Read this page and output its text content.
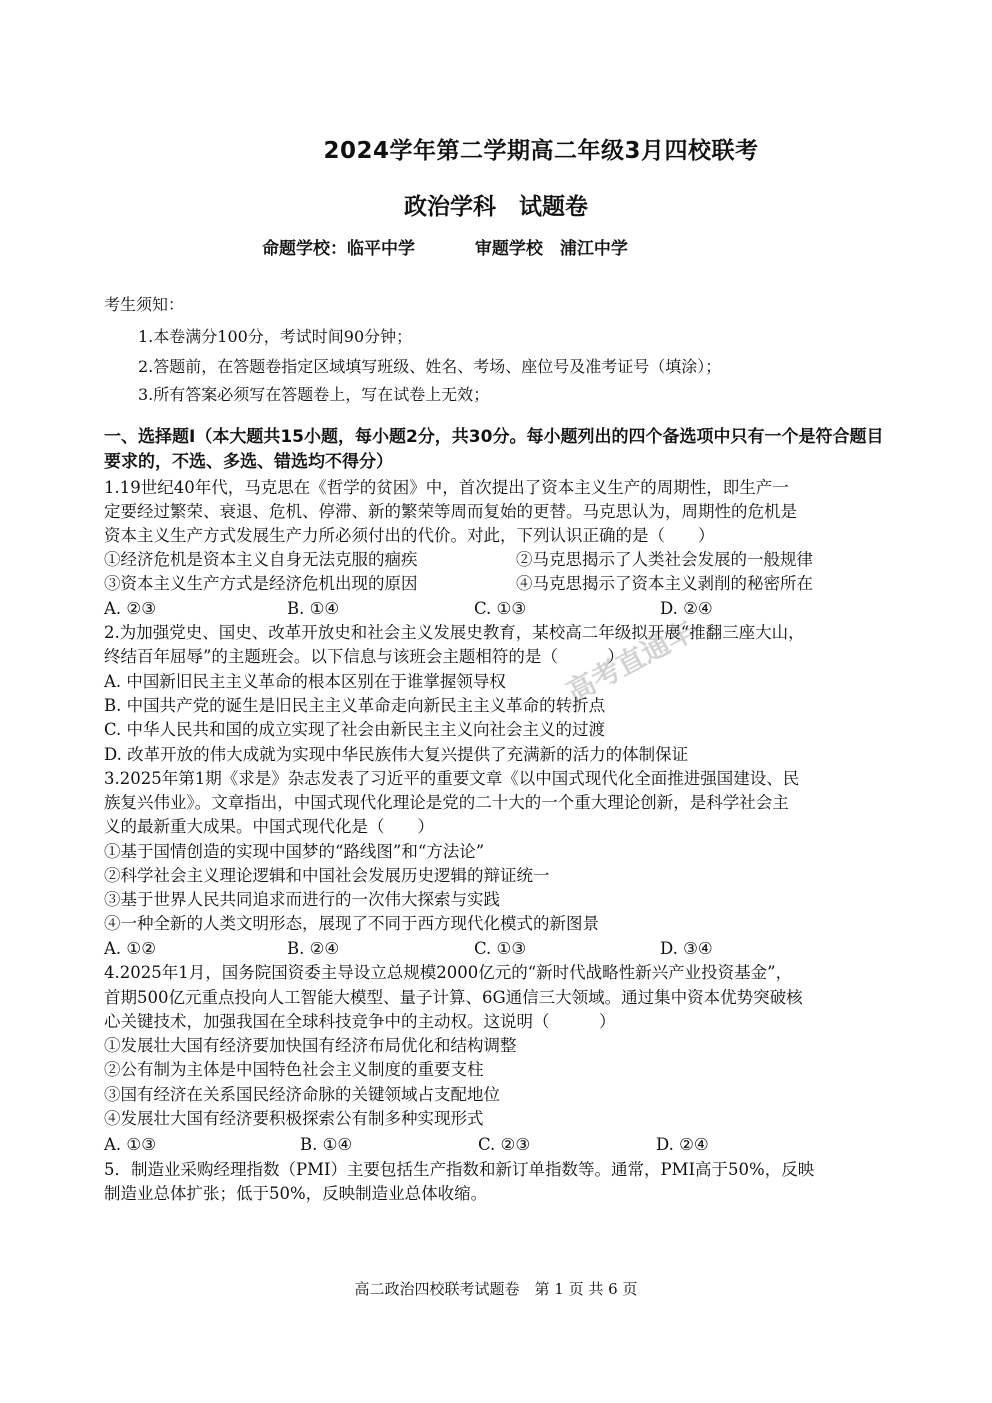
2024学年第二学期高二年级3月四校联考
政治学科　试题卷
命题学校：临平中学	审题学校　浦江中学
考生须知：
1.本卷满分100分，考试时间90分钟；
2.答题前，在答题卷指定区域填写班级、姓名、考场、座位号及准考证号（填涂）；
3.所有答案必须写在答题卷上，写在试卷上无效；
一、选择题Ⅰ（本大题共15小题，每小题2分，共30分。每小题列出的四个备选项中只有一个是符合题目要求的，不选、多选、错选均不得分）
1.19世纪40年代，马克思在《哲学的贫困》中，首次提出了资本主义生产的周期性，即生产一
定要经过繁荣、衰退、危机、停滞、新的繁荣等周而复始的更替。马克思认为，周期性的危机是
资本主义生产方式发展生产力所必须付出的代价。对此，下列认识正确的是（　　）
①经济危机是资本主义自身无法克服的痼疾	②马克思揭示了人类社会发展的一般规律
③资本主义生产方式是经济危机出现的原因	④马克思揭示了资本主义剥削的秘密所在
A. ②③	B. ①④	C. ①③	D. ②④
2.为加强党史、国史、改革开放史和社会主义发展史教育，某校高二年级拟开展“推翻三座大山，
终结百年屈辱”的主题班会。以下信息与该班会主题相符的是（　　　）
A. 中国新旧民主主义革命的根本区别在于谁掌握领导权
B. 中国共产党的诞生是旧民主主义革命走向新民主主义革命的转折点
C. 中华人民共和国的成立实现了社会由新民主主义向社会主义的过渡
D. 改革开放的伟大成就为实现中华民族伟大复兴提供了充满新的活力的体制保证
3.2025年第1期《求是》杂志发表了习近平的重要文章《以中国式现代化全面推进强国建设、民
族复兴伟业》。文章指出，中国式现代化理论是党的二十大的一个重大理论创新，是科学社会主
义的最新重大成果。中国式现代化是（　　）
①基于国情创造的实现中国梦的“路线图”和“方法论”
②科学社会主义理论逻辑和中国社会发展历史逻辑的辩证统一
③基于世界人民共同追求而进行的一次伟大探索与实践
④一种全新的人类文明形态，展现了不同于西方现代化模式的新图景
A. ①②	B. ②④	C. ①③	D. ③④
4.2025年1月，国务院国资委主导设立总规模2000亿元的“新时代战略性新兴产业投资基金”，
首期500亿元重点投向人工智能大模型、量子计算、6G通信三大领域。通过集中资本优势突破核
心关键技术，加强我国在全球科技竞争中的主动权。这说明（　　　）
①发展壮大国有经济要加快国有经济布局优化和结构调整
②公有制为主体是中国特色社会主义制度的重要支柱
③国有经济在关系国民经济命脉的关键领域占支配地位
④发展壮大国有经济要积极探索公有制多种实现形式
A. ①③	B. ①④	C. ②③	D. ②④
5．制造业采购经理指数（PMI）主要包括生产指数和新订单指数等。通常，PMI高于50%，反映
制造业总体扩张；低于50%，反映制造业总体收缩。
高考直通车
高二政治四校联考试题卷　第 1 页 共 6 页
